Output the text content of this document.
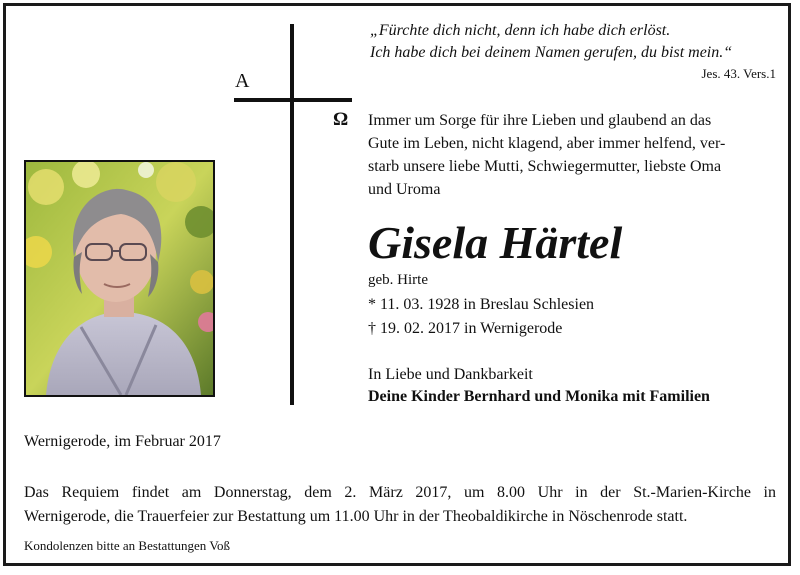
„Fürchte dich nicht, denn ich habe dich erlöst.
Ich habe dich bei deinem Namen gerufen, du bist mein.“
Jes. 43. Vers.1
A
Ω Immer um Sorge für ihre Lieben und glaubend an das
Gute im Leben, nicht klagend, aber immer helfend, ver-
starb unsere liebe Mutti, Schwiegermutter, liebste Oma
und Uroma
Gisela Härtel
geb. Hirte
* 11. 03. 1928 in Breslau Schlesien
† 19. 02. 2017 in Wernigerode
In Liebe und Dankbarkeit
Deine Kinder Bernhard und Monika mit Familien
Wernigerode, im Februar 2017
Das Requiem findet am Donnerstag, dem 2. März 2017, um 8.00 Uhr in der St.-Marien-Kirche in
Wernigerode, die Trauerfeier zur Bestattung um 11.00 Uhr in der Theobaldikirche in Nöschenrode statt.
Kondolenzen bitte an Bestattungen Voß
